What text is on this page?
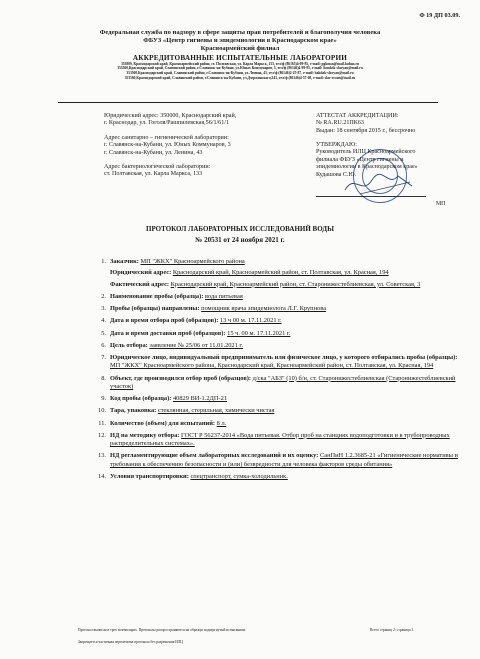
Ф 19 ДП 03.09.
Федеральная служба по надзору в сфере защиты прав потребителей и благополучия человека
ФБУЗ «Центр гигиены и эпидемиологии в Краснодарском крае»
Красноармейский филиал
АККРЕДИТОВАННЫЕ ИСПЫТАТЕЛЬНЫЕ ЛАБОРАТОРИИ
353800, Краснодарский край, Красноармейский район, ст. Полтавская, ул. Карла Маркса, 133, тел/ф (86165)4-09-85, e-mail: pgkmsn@mail.kuban.ru
353560,Краснодарский край, Славянский район, г.Славянск-на-Кубани, ул.Юных Коммунаров, 3, тел/ф (86146)4-99-95, e-mail: lizmksk-slavyan@mail.ru
353560,Краснодарский край, Славянский район, г.Славянск-на-Кубани, ул.Ленина, 43, тел/ф (86146)2-25-87, e-mail: bakdak-slavyan@mail.ru
353560,Краснодарский край, Славянский район, г.Славянск-на-Кубани, ул.Дзержинского,243, тел/ф (86146)4-57-60, e-mail: slav-ecoan@mail.ru

Юридический адрес: 350000, Краснодарский край,
г. Краснодар, ул. Гоголя/Рашпилевская,56/1/61/1

Адрес санитарно – гигиенической лаборатории:
г. Славянск-на-Кубани, ул. Юных Коммунаров, 3
г. Славянск-на-Кубани, ул. Ленина, 43

Адрес бактериологической лаборатории:
ст. Полтавская, ул. Карла Маркса, 133

АТТЕСТАТ АККРЕДИТАЦИИ:

№ RA.RU.21ПК63

Выдан: 18 сентября 2015 г., бессрочно

УТВЕРЖДАЮ:

Руководитель ИЛЦ Красноармейского

филиала ФБУЗ «Центр гигиены и

эпидемиологии в Краснодарском крае»

Кудашова С.Ю.

МП
ПРОТОКОЛ ЛАБОРАТОРНЫХ ИССЛЕДОВАНИЙ ВОДЫ
№ 20531 от 24 ноября 2021 г.
1. Заказчик: МП "ЖКХ" Красноармейского района
Юридический адрес: Краснодарский край, Красноармейский район, ст. Полтавская, ул. Красная, 194
Фактический адрес: Краснодарский край, Красноармейский район, ст. Старонижестеблиевская, ул. Советская, 3
2. Наименование пробы (образца): вода питьевая
3. Пробы (образцы) направлены: помощник врача эпидемиолога Л.Г. Крупнова
4. Дата и время отбора проб (образцов): 13 ч 00 м. 17.11.2021 г.
5. Дата и время доставки проб (образцов): 15 ч. 00 м. 17.11.2021 г.
6. Цель отбора: заявление № 25/06 от 11.01.2021 г.
7. Юридическое лицо, индивидуальный предприниматель или физическое лицо, у которого отбирались пробы (образцы): МП "ЖКХ" Красноармейского района, Краснодарский край, Красноармейский район, ст. Полтавская, ул. Красная, 194
8. Объект, где производился отбор проб (образцов): д/ска "АБЗ" (10) б/н, ст. Старонижестеблиевская (Старонижестеблиевский участок)
9. Код пробы (образца): 40829 ВИ-1.2ДП-21
10. Тара, упаковка: стеклянная, стерильная, химически чистая
11. Количество (объем) для испытаний: 8 л.
12. НД на методику отбора: ГОСТ Р 56237-2014 «Вода питьевая. Отбор проб на станциях водоподготовки и в трубопроводных распределительных системах».
13. НД регламентирующие объем лабораторных исследований и их оценку: СанПиН 1.2.3685-21 «Гигиенические нормативы и требования к обеспечению безопасности и (или) безвредности для человека факторов среды обитания»
14. Условия транспортировки: спецтранспорт, сумка-холодильник.
Протокол выписан в трех экземплярах. Протоколы распространяются на образцы подвергнутый испытаниям.	Всего страниц 2; страница 1.
Запрещается частичная перепечатка протокола без разрешения ИЛЦ
